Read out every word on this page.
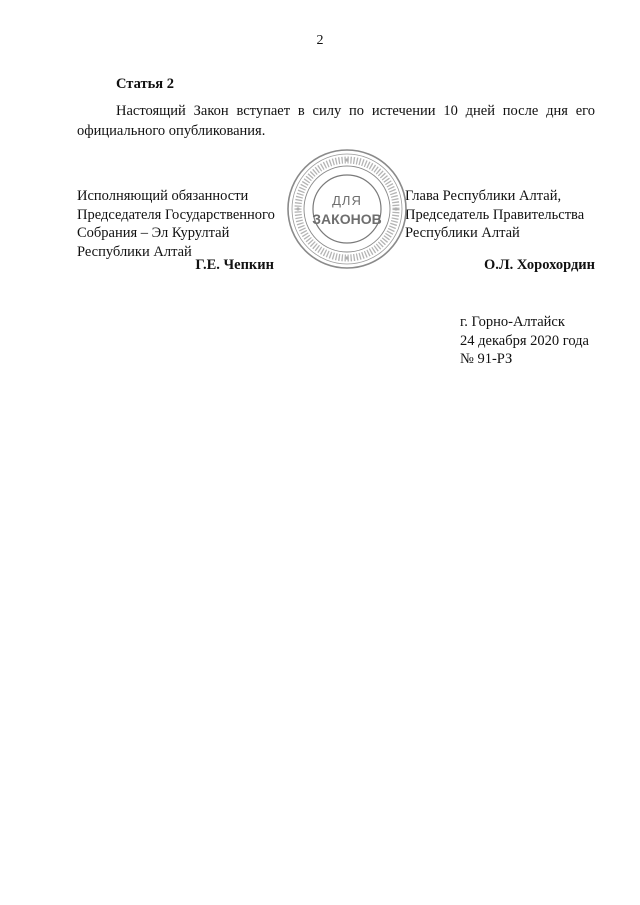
2
Статья 2
Настоящий Закон вступает в силу по истечении 10 дней после дня его официального опубликования.
Исполняющий обязанности
Председателя Государственного
Собрания – Эл Курултай
Республики Алтай
Глава Республики Алтай,
Председатель Правительства
Республики Алтай
Г.Е. Чепкин	О.Л. Хорохордин
ДЛЯ
ЗАКОНОВ
г. Горно-Алтайск
24 декабря 2020 года
№ 91-РЗ
